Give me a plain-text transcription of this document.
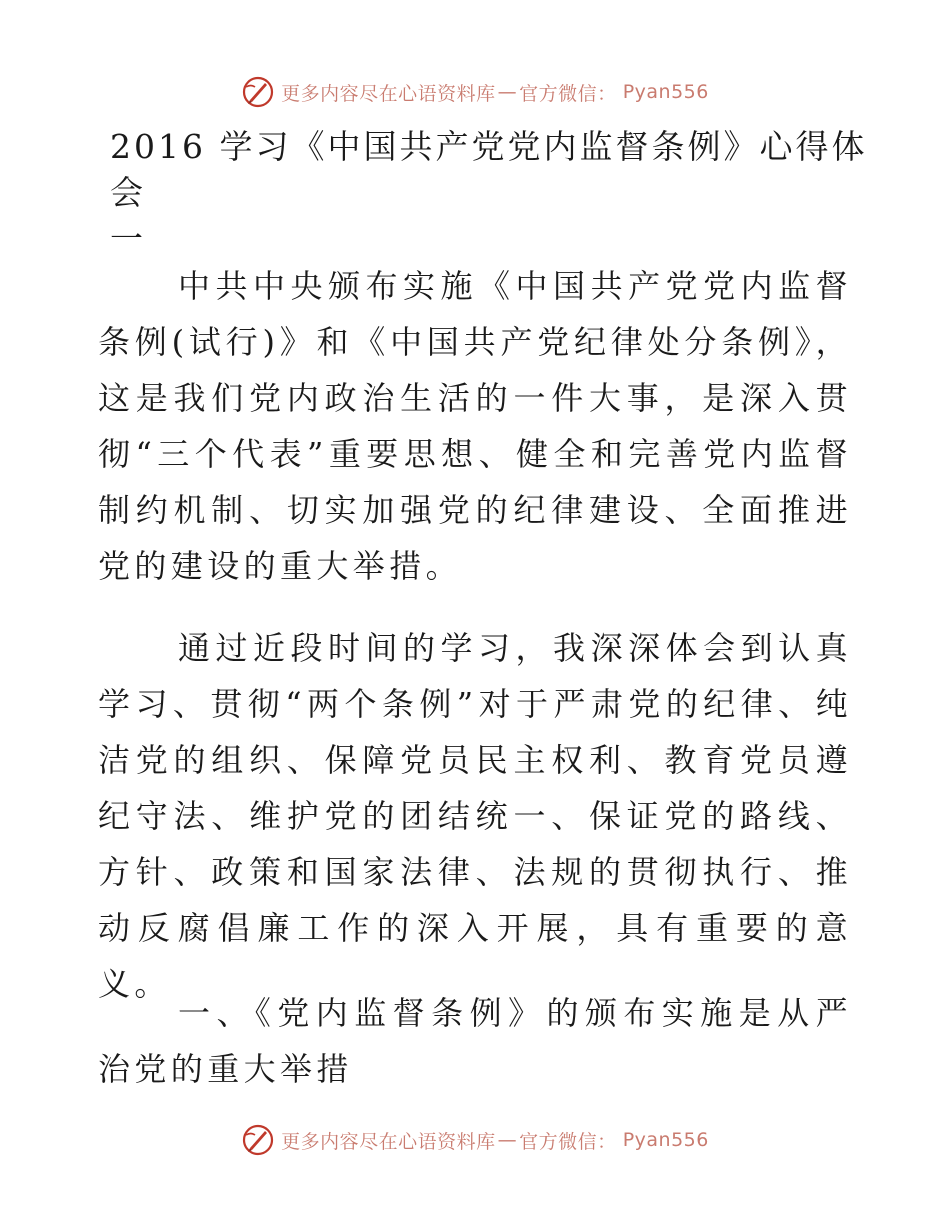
更多内容尽在心语资料库 — 官方微信： Pyan556
2016 学习《中国共产党党内监督条例》心得体会
一

中共中央颁布实施《中国共产党党内监督条例(试行)》和《中国共产党纪律处分条例》，这是我们党内政治生活的一件大事，是深入贯彻“三个代表”重要思想、健全和完善党内监督制约机制、切实加强党的纪律建设、全面推进党的建设的重大举措。

通过近段时间的学习，我深深体会到认真学习、贯彻“两个条例”对于严肃党的纪律、纯洁党的组织、保障党员民主权利、教育党员遵纪守法、维护党的团结统一、保证党的路线、方针、政策和国家法律、法规的贯彻执行、推动反腐倡廉工作的深入开展，具有重要的意义。

一、《党内监督条例》的颁布实施是从严治党的重大举措

更多内容尽在心语资料库 — 官方微信： Pyan556
